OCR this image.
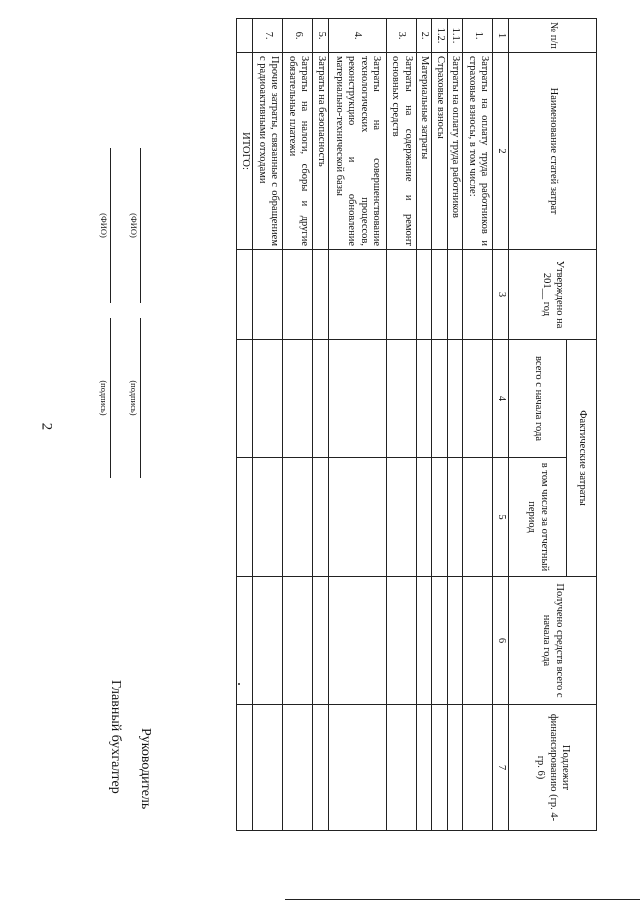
2
№ п/п	Наименование статей затрат	Утверждено на 201__ год	Фактические затраты		Получено средств всего с начала года	Подлежит финансированию (гр. 4-гр. 6)
			всего с начала года	в том числе за отчетный период		
1	2	3	4	5	6	7
1.	Затраты на оплату труда работников и страховые взносы, в том числе:					
1.1.	Затраты на оплату труда работников					
1.2.	Страховые взносы					
2.	Материальные затраты					
3.	Затраты на содержание и ремонт основных средств					
4.	Затраты на совершенствование технологических процессов, реконструкцию и обновление материально-технической базы					
5.	Затраты на безопасность					
6.	Затраты на налоги, сборы и другие обязательные платежи					
7.	Прочие затраты, связанные с обращением с радиоактивными отходами					
	ИТОГО:					
Руководитель
(подпись)
(ФИО)
Главный бухгалтер
(подпись)
(ФИО)
